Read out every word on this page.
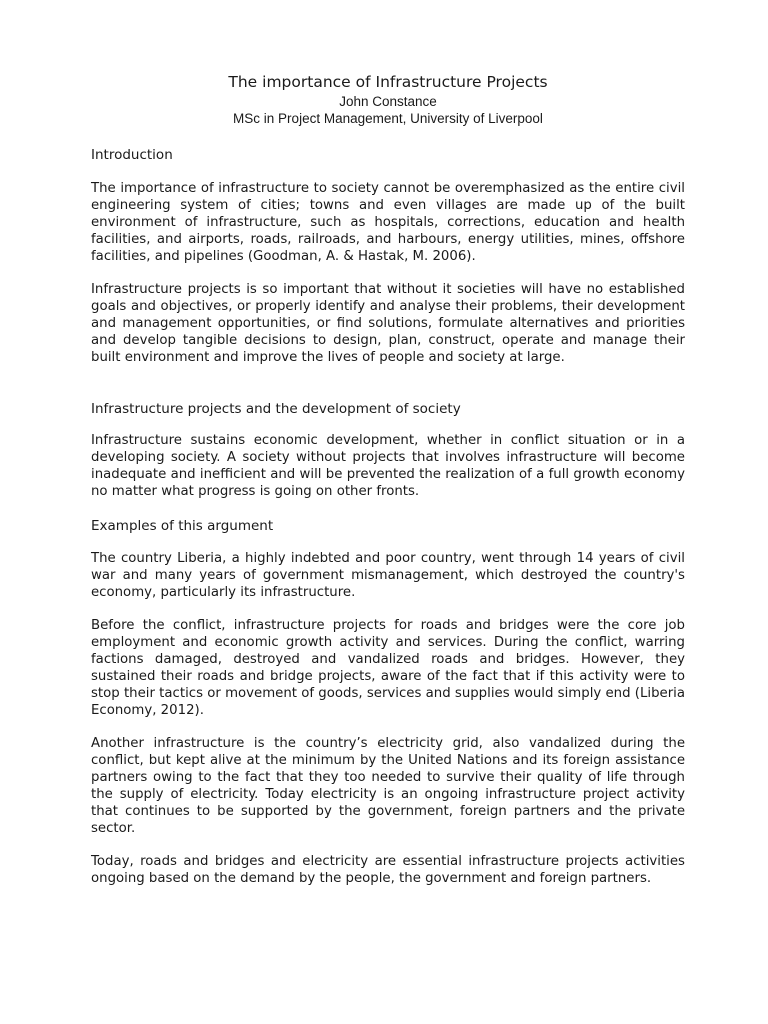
The importance of Infrastructure Projects
John Constance
MSc in Project Management, University of Liverpool
Introduction

The importance of infrastructure to society cannot be overemphasized as the entire civil engineering system of cities; towns and even villages are made up of the built environment of infrastructure, such as hospitals, corrections, education and health facilities, and airports, roads, railroads, and harbours, energy utilities, mines, offshore facilities, and pipelines (Goodman, A. & Hastak, M. 2006).

Infrastructure projects is so important that without it societies will have no established goals and objectives, or properly identify and analyse their problems, their development and management opportunities, or find solutions, formulate alternatives and priorities and develop tangible decisions to design, plan, construct, operate and manage their built environment and improve the lives of people and society at large.

Infrastructure projects and the development of society

Infrastructure sustains economic development, whether in conflict situation or in a developing society. A society without projects that involves infrastructure will become inadequate and inefficient and will be prevented the realization of a full growth economy no matter what progress is going on other fronts.

Examples of this argument

The country Liberia, a highly indebted and poor country, went through 14 years of civil war and many years of government mismanagement, which destroyed the country's economy, particularly its infrastructure.

Before the conflict, infrastructure projects for roads and bridges were the core job employment and economic growth activity and services. During the conflict, warring factions damaged, destroyed and vandalized roads and bridges. However, they sustained their roads and bridge projects, aware of the fact that if this activity were to stop their tactics or movement of goods, services and supplies would simply end (Liberia Economy, 2012).

Another infrastructure is the country’s electricity grid, also vandalized during the conflict, but kept alive at the minimum by the United Nations and its foreign assistance partners owing to the fact that they too needed to survive their quality of life through the supply of electricity. Today electricity is an ongoing infrastructure project activity that continues to be supported by the government, foreign partners and the private sector.

Today, roads and bridges and electricity are essential infrastructure projects activities ongoing based on the demand by the people, the government and foreign partners.
